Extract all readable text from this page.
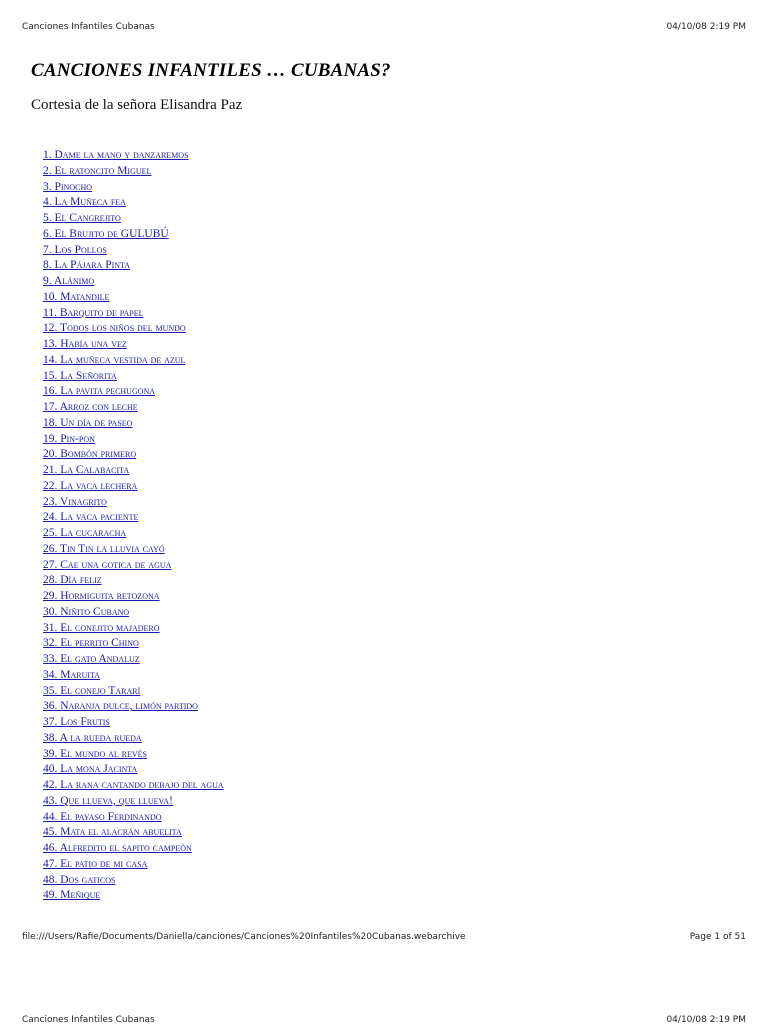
Canciones Infantiles Cubanas	04/10/08 2:19 PM
CANCIONES INFANTILES … CUBANAS?

Cortesia de la señora Elisandra Paz

1. Dame la mano y danzaremos
2. El ratoncito Miguel
3. Pinocho
4. La Muñeca fea
5. El Cangrejito
6. El Brujito de GULUBÚ
7. Los Pollos
8. La Pájara Pinta
9. Alánimo
10. Matandile
11. Barquito de papel
12. Todos los niños del mundo
13. Había una vez
14. La muñeca vestida de azul
15. La Señorita
16. La pavita pechugona
17. Arroz con leche
18. Un día de paseo
19. Pin-pon
20. Bombón primero
21. La Calabacita
22. La vaca lechera
23. Vinagrito
24. La vaca paciente
25. La cucaracha
26. Tin Tin la lluvia cayó
27. Cae una gotica de agua
28. Día feliz
29. Hormiguita retozona
30. Niñito Cubano
31. El conejito majadero
32. El perrito Chino
33. El gato Andaluz
34. Maruita
35. El conejo Tararí
36. Naranja dulce, limón partido
37. Los Frutis
38. A la rueda rueda
39. El mundo al revés
40. La mona Jacinta
42. La rana cantando debajo del agua
43. Que llueva, que llueva!
44. El payaso Ferdinando
45. Mata el alacrán abuelita
46. Alfredito el sapito campeón
47. El patio de mi casa
48. Dos gaticos
49. Meñique
file:///Users/Rafie/Documents/Daniella/canciones/Canciones%20Infantiles%20Cubanas.webarchive	Page 1 of 51
Canciones Infantiles Cubanas	04/10/08 2:19 PM
